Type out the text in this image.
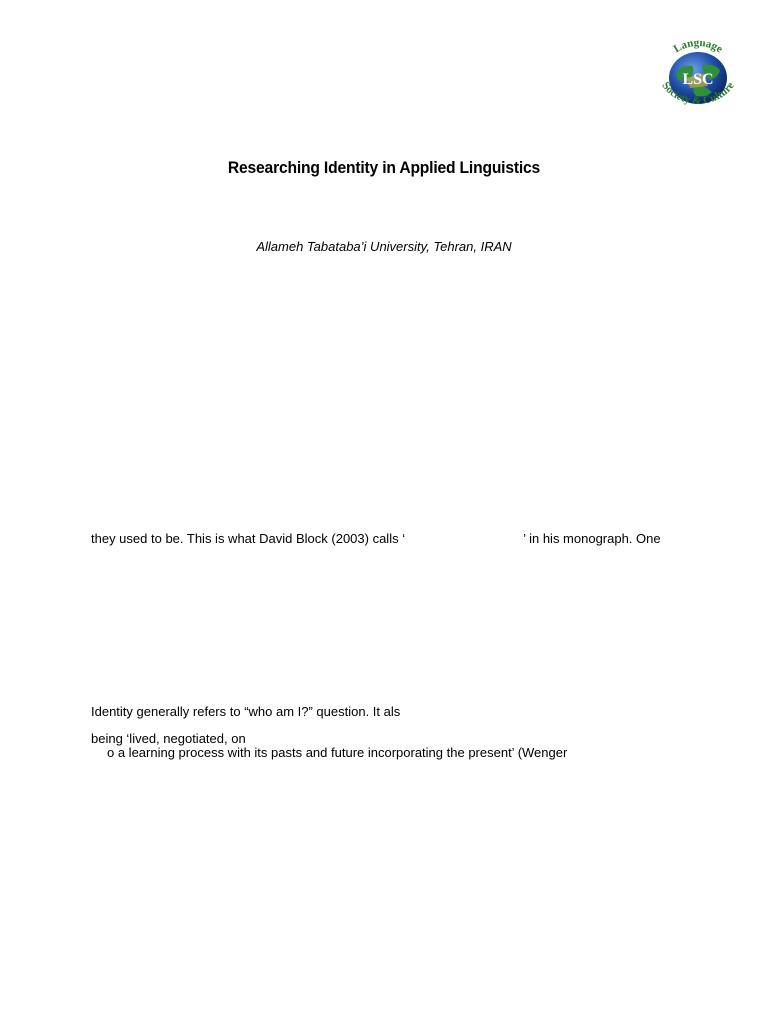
LSC
Language
Society & Culture
Researching Identity in Applied Linguistics
Allameh Tabataba’i University, Tehran, IRAN
they used to be. This is what David Block (2003) calls ‘	’ in his monograph. One
Identity generally refers to “who am I?” question. It als
being ‘lived, negotiated, on
o a learning process with its pasts and future incorporating the present’ (Wenger
